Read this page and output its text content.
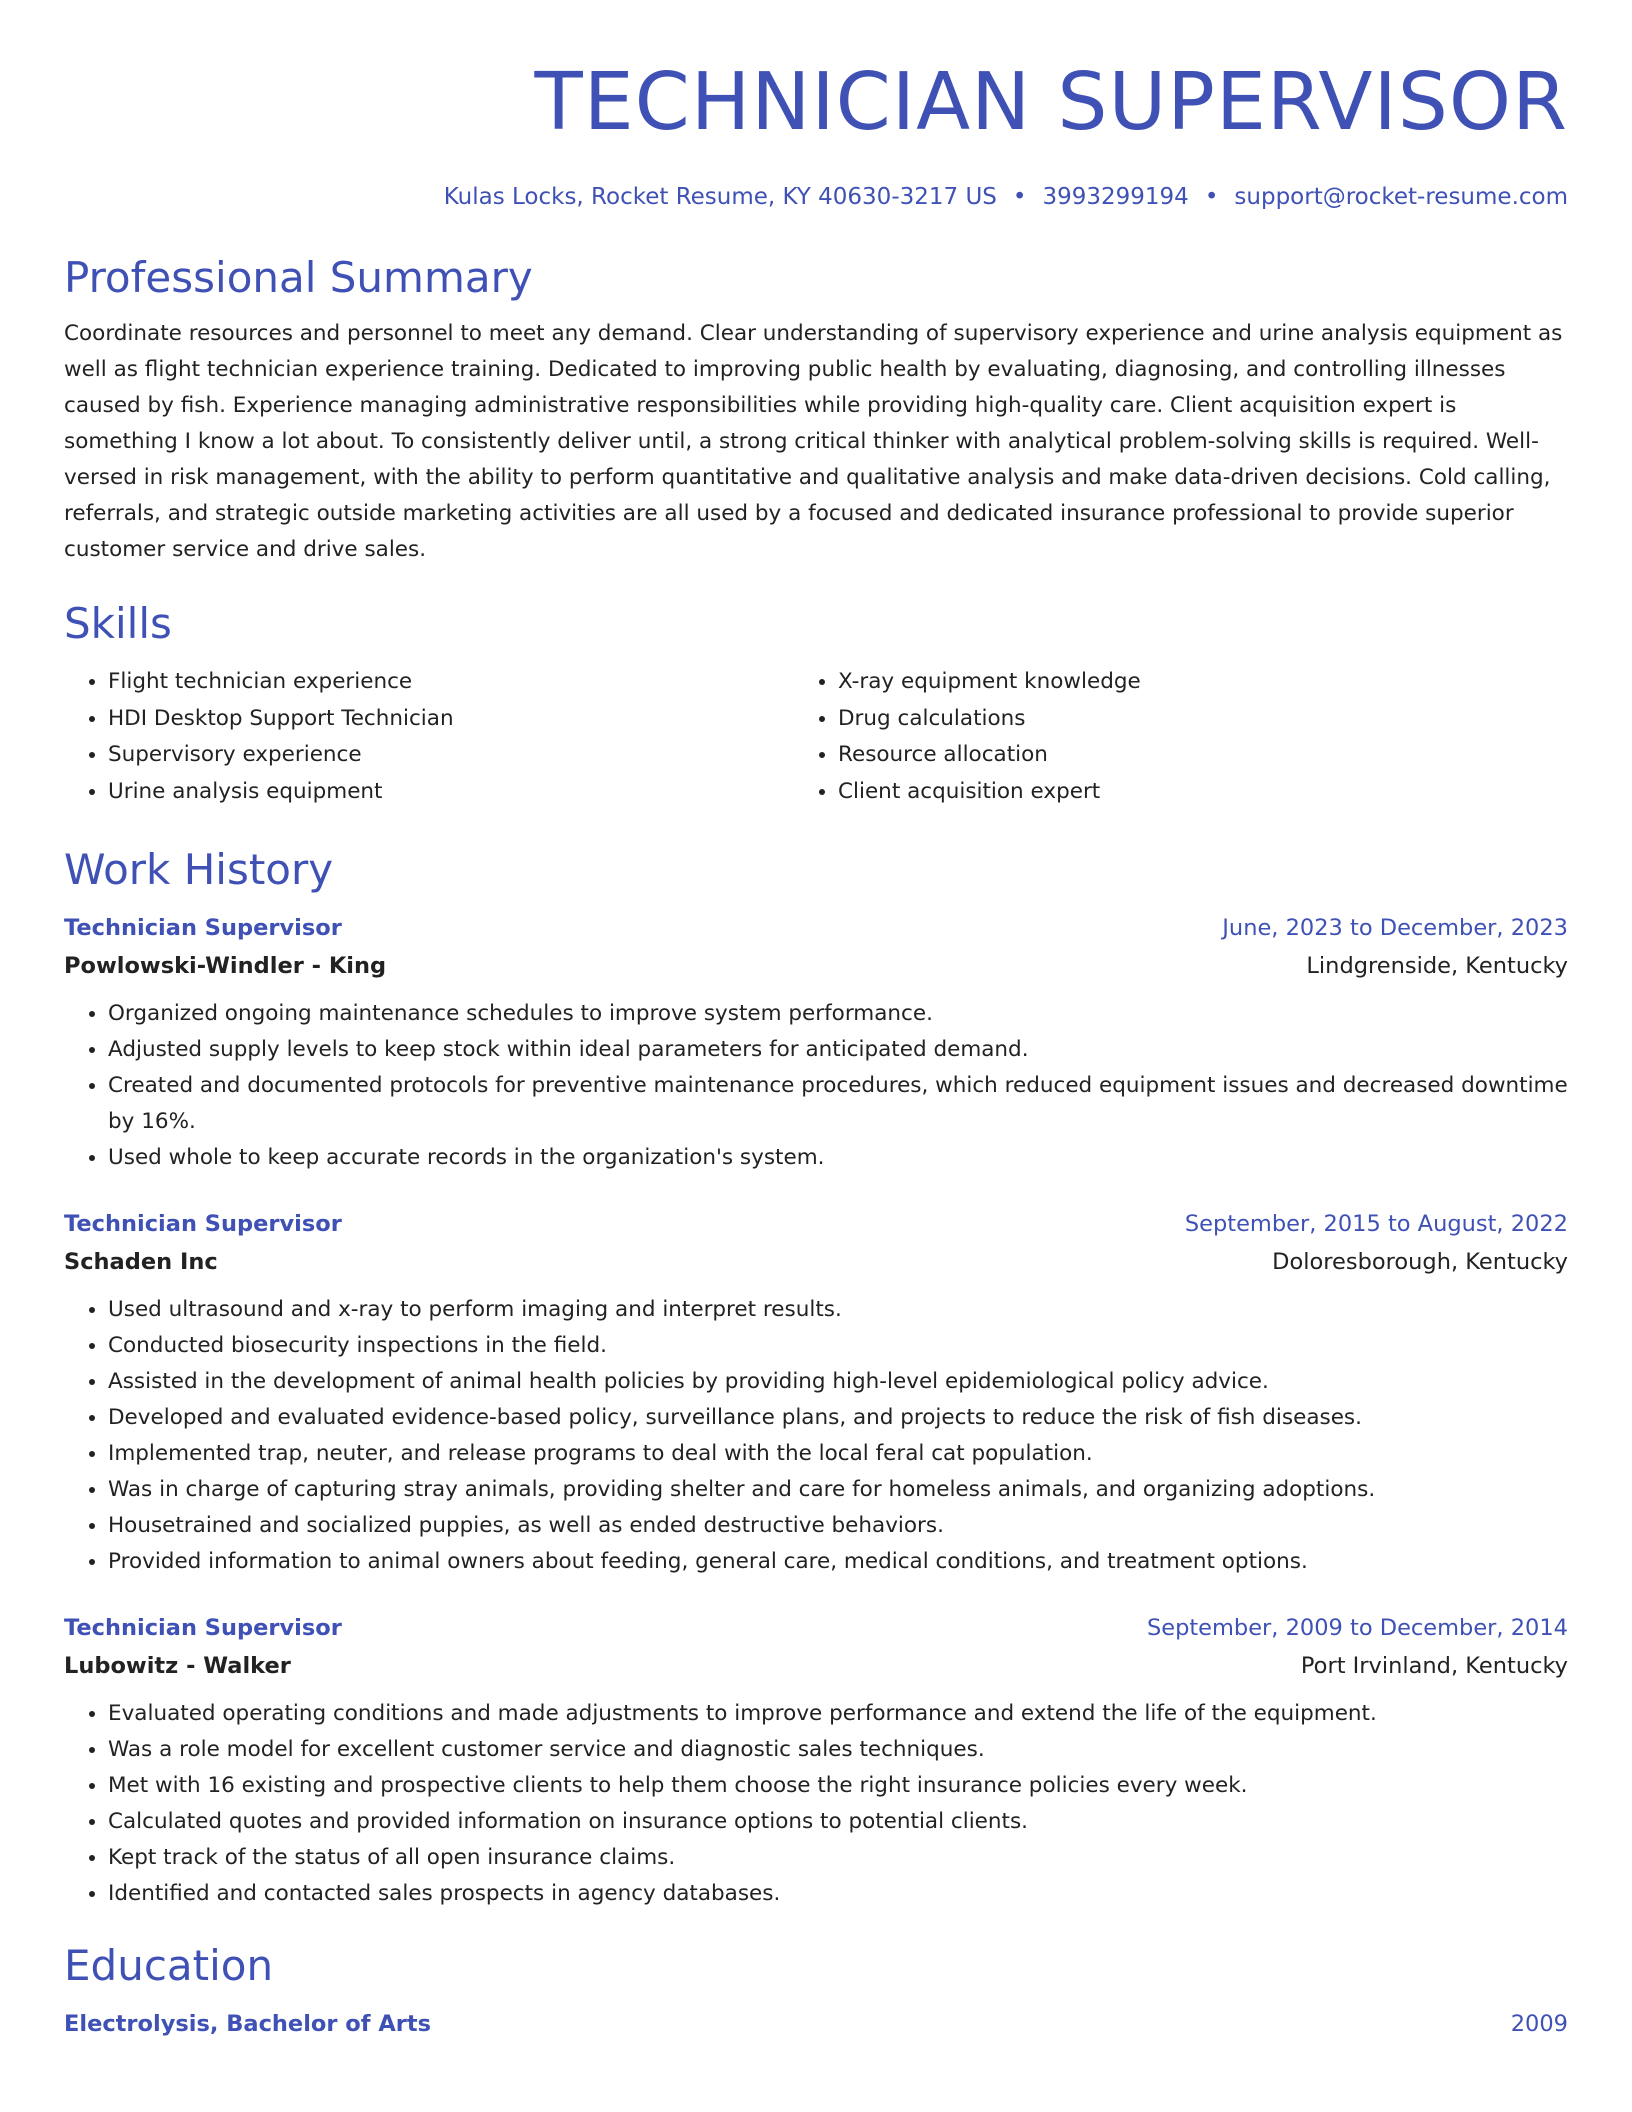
TECHNICIAN SUPERVISOR
Kulas Locks, Rocket Resume, KY 40630-3217 US • 3993299194 • support@rocket-resume.com
Professional Summary
Coordinate resources and personnel to meet any demand. Clear understanding of supervisory experience and urine analysis equipment as well as flight technician experience training. Dedicated to improving public health by evaluating, diagnosing, and controlling illnesses caused by fish. Experience managing administrative responsibilities while providing high-quality care. Client acquisition expert is something I know a lot about. To consistently deliver until, a strong critical thinker with analytical problem-solving skills is required. Well-versed in risk management, with the ability to perform quantitative and qualitative analysis and make data-driven decisions. Cold calling, referrals, and strategic outside marketing activities are all used by a focused and dedicated insurance professional to provide superior customer service and drive sales.
Skills
• Flight technician experience
• HDI Desktop Support Technician
• Supervisory experience
• Urine analysis equipment
• X-ray equipment knowledge
• Drug calculations
• Resource allocation
• Client acquisition expert
Work History
Technician Supervisor	June, 2023 to December, 2023
Powlowski-Windler - King	Lindgrenside, Kentucky
• Organized ongoing maintenance schedules to improve system performance.
• Adjusted supply levels to keep stock within ideal parameters for anticipated demand.
• Created and documented protocols for preventive maintenance procedures, which reduced equipment issues and decreased downtime by 16%.
• Used whole to keep accurate records in the organization's system.
Technician Supervisor	September, 2015 to August, 2022
Schaden Inc	Doloresborough, Kentucky
• Used ultrasound and x-ray to perform imaging and interpret results.
• Conducted biosecurity inspections in the field.
• Assisted in the development of animal health policies by providing high-level epidemiological policy advice.
• Developed and evaluated evidence-based policy, surveillance plans, and projects to reduce the risk of fish diseases.
• Implemented trap, neuter, and release programs to deal with the local feral cat population.
• Was in charge of capturing stray animals, providing shelter and care for homeless animals, and organizing adoptions.
• Housetrained and socialized puppies, as well as ended destructive behaviors.
• Provided information to animal owners about feeding, general care, medical conditions, and treatment options.
Technician Supervisor	September, 2009 to December, 2014
Lubowitz - Walker	Port Irvinland, Kentucky
• Evaluated operating conditions and made adjustments to improve performance and extend the life of the equipment.
• Was a role model for excellent customer service and diagnostic sales techniques.
• Met with 16 existing and prospective clients to help them choose the right insurance policies every week.
• Calculated quotes and provided information on insurance options to potential clients.
• Kept track of the status of all open insurance claims.
• Identified and contacted sales prospects in agency databases.
Education
Electrolysis, Bachelor of Arts	2009
